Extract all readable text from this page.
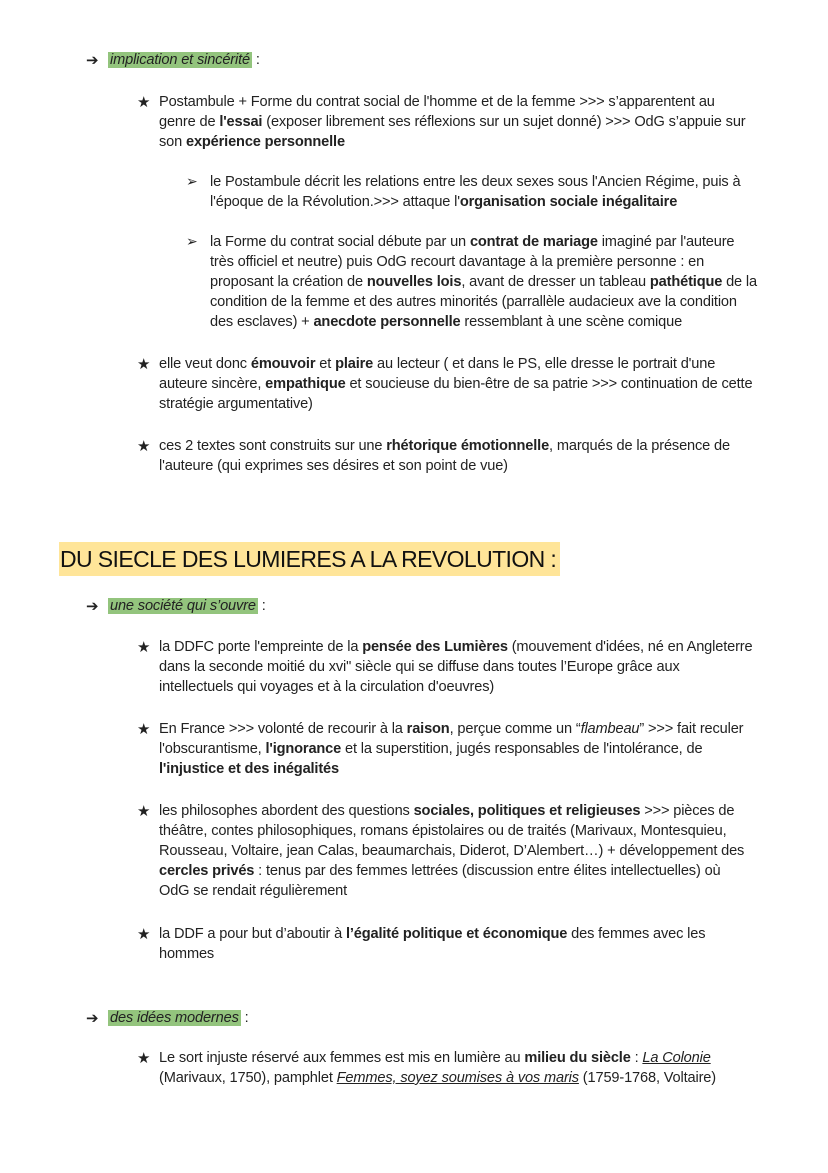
➔ implication et sincérité :
★ Postambule + Forme du contrat social de l'homme et de la femme >>> s’apparentent au
genre de l'essai (exposer librement ses réflexions sur un sujet donné) >>> OdG s’appuie sur
son expérience personnelle
➢ le Postambule décrit les relations entre les deux sexes sous l'Ancien Régime, puis à
l'époque de la Révolution.>>> attaque l'organisation sociale inégalitaire
➢ la Forme du contrat social débute par un contrat de mariage imaginé par l'auteure
très officiel et neutre) puis OdG recourt davantage à la première personne : en
proposant la création de nouvelles lois, avant de dresser un tableau pathétique de la
condition de la femme et des autres minorités (parrallèle audacieux ave la condition
des esclaves) + anecdote personnelle ressemblant à une scène comique
★ elle veut donc émouvoir et plaire au lecteur ( et dans le PS, elle dresse le portrait d'une
auteure sincère, empathique et soucieuse du bien-être de sa patrie >>> continuation de cette
stratégie argumentative)
★ ces 2 textes sont construits sur une rhétorique émotionnelle, marqués de la présence de
l'auteure (qui exprimes ses désires et son point de vue)
DU SIECLE DES LUMIERES A LA REVOLUTION :
➔ une société qui s’ouvre :
★ la DDFC porte l'empreinte de la pensée des Lumières (mouvement d'idées, né en Angleterre
dans la seconde moitié du xvi" siècle qui se diffuse dans toutes l’Europe grâce aux
intellectuels qui voyages et à la circulation d'oeuvres)
★ En France >>> volonté de recourir à la raison, perçue comme un “flambeau” >>> fait reculer
l'obscurantisme, l'ignorance et la superstition, jugés responsables de l'intolérance, de
l'injustice et des inégalités
★ les philosophes abordent des questions sociales, politiques et religieuses >>> pièces de
théâtre, contes philosophiques, romans épistolaires ou de traités (Marivaux, Montesquieu,
Rousseau, Voltaire, jean Calas, beaumarchais, Diderot, D’Alembert…) + développement des
cercles privés : tenus par des femmes lettrées (discussion entre élites intellectuelles) où
OdG se rendait régulièrement
★ la DDF a pour but d’aboutir à l’égalité politique et économique des femmes avec les
hommes
➔ des idées modernes :
★ Le sort injuste réservé aux femmes est mis en lumière au milieu du siècle : La Colonie
(Marivaux, 1750), pamphlet Femmes, soyez soumises à vos maris (1759-1768, Voltaire)
